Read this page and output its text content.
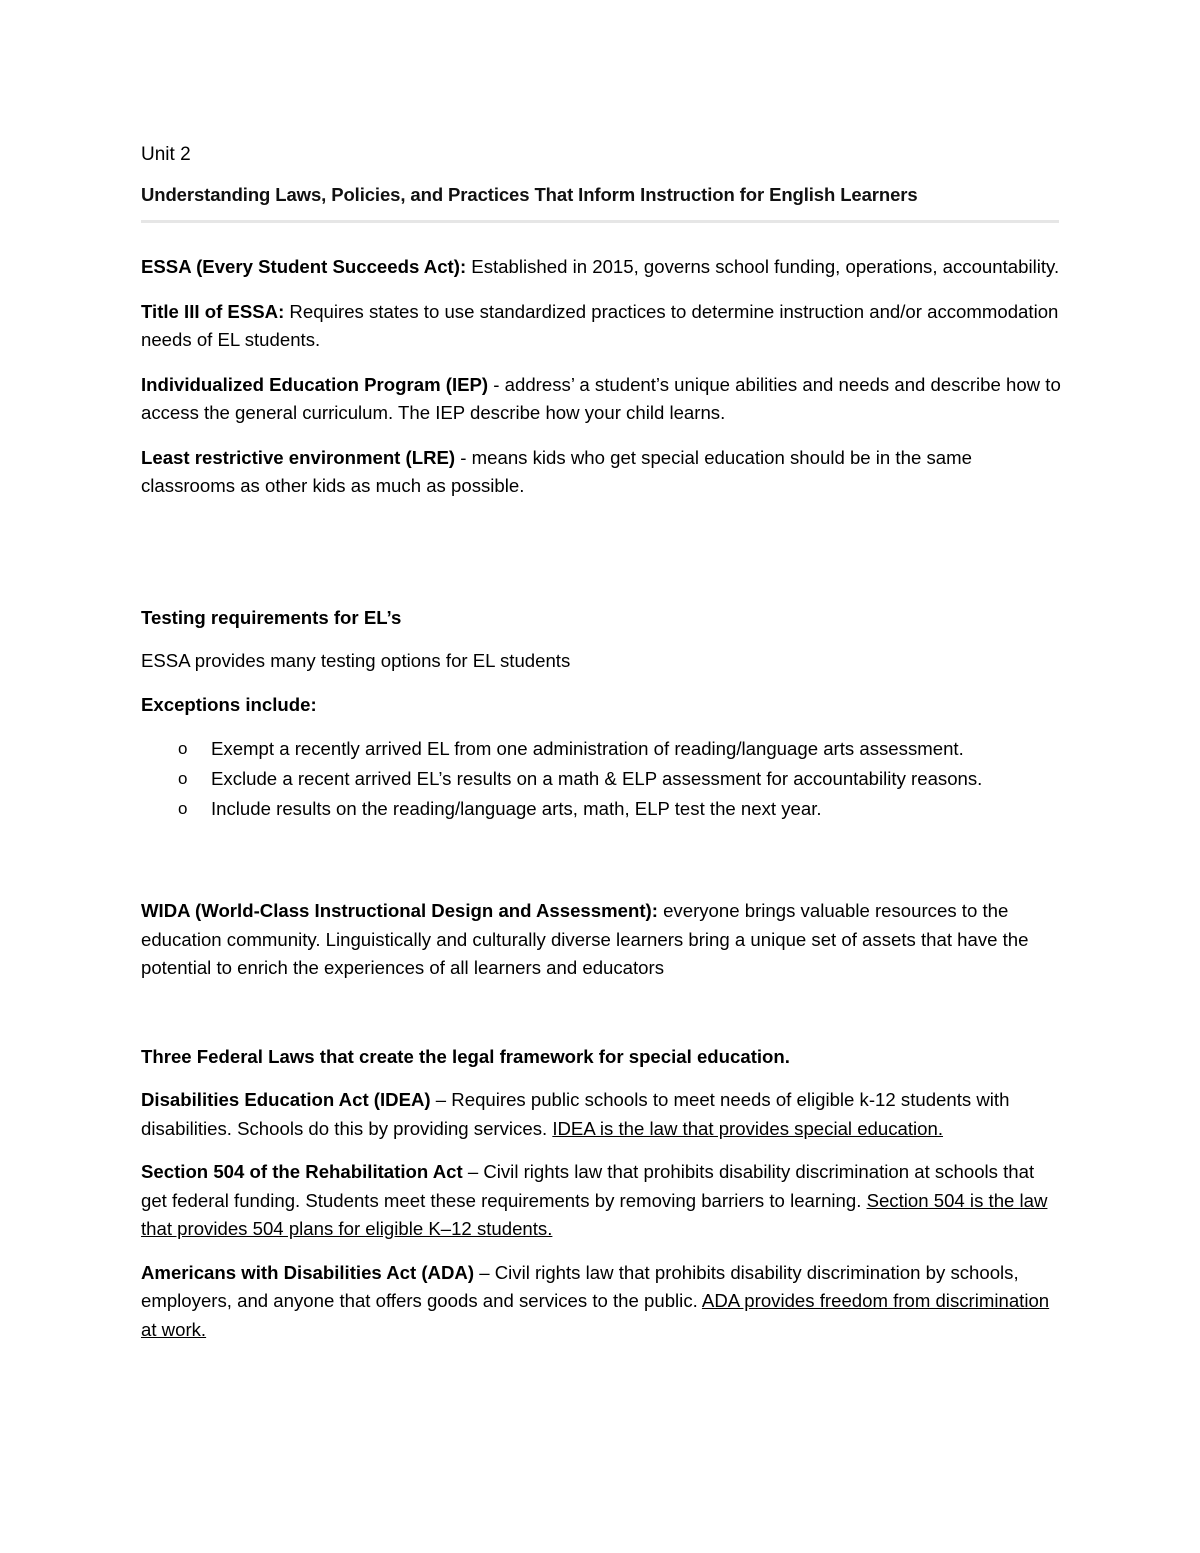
Unit 2

Understanding Laws, Policies, and Practices That Inform Instruction for English Learners

ESSA (Every Student Succeeds Act): Established in 2015, governs school funding, operations, accountability.

Title III of ESSA: Requires states to use standardized practices to determine instruction and/or accommodation needs of EL students.

Individualized Education Program (IEP) - address’ a student’s unique abilities and needs and describe how to access the general curriculum. The IEP describe how your child learns.

Least restrictive environment (LRE) - means kids who get special education should be in the same classrooms as other kids as much as possible.

Testing requirements for EL’s

ESSA provides many testing options for EL students

Exceptions include:

o Exempt a recently arrived EL from one administration of reading/language arts assessment.
o Exclude a recent arrived EL’s results on a math & ELP assessment for accountability reasons.
o Include results on the reading/language arts, math, ELP test the next year.

WIDA (World-Class Instructional Design and Assessment): everyone brings valuable resources to the education community. Linguistically and culturally diverse learners bring a unique set of assets that have the potential to enrich the experiences of all learners and educators

Three Federal Laws that create the legal framework for special education.

Disabilities Education Act (IDEA) – Requires public schools to meet needs of eligible k-12 students with disabilities. Schools do this by providing services. IDEA is the law that provides special education.

Section 504 of the Rehabilitation Act – Civil rights law that prohibits disability discrimination at schools that get federal funding. Students meet these requirements by removing barriers to learning. Section 504 is the law that provides 504 plans for eligible K–12 students.

Americans with Disabilities Act (ADA) – Civil rights law that prohibits disability discrimination by schools, employers, and anyone that offers goods and services to the public. ADA provides freedom from discrimination at work.
